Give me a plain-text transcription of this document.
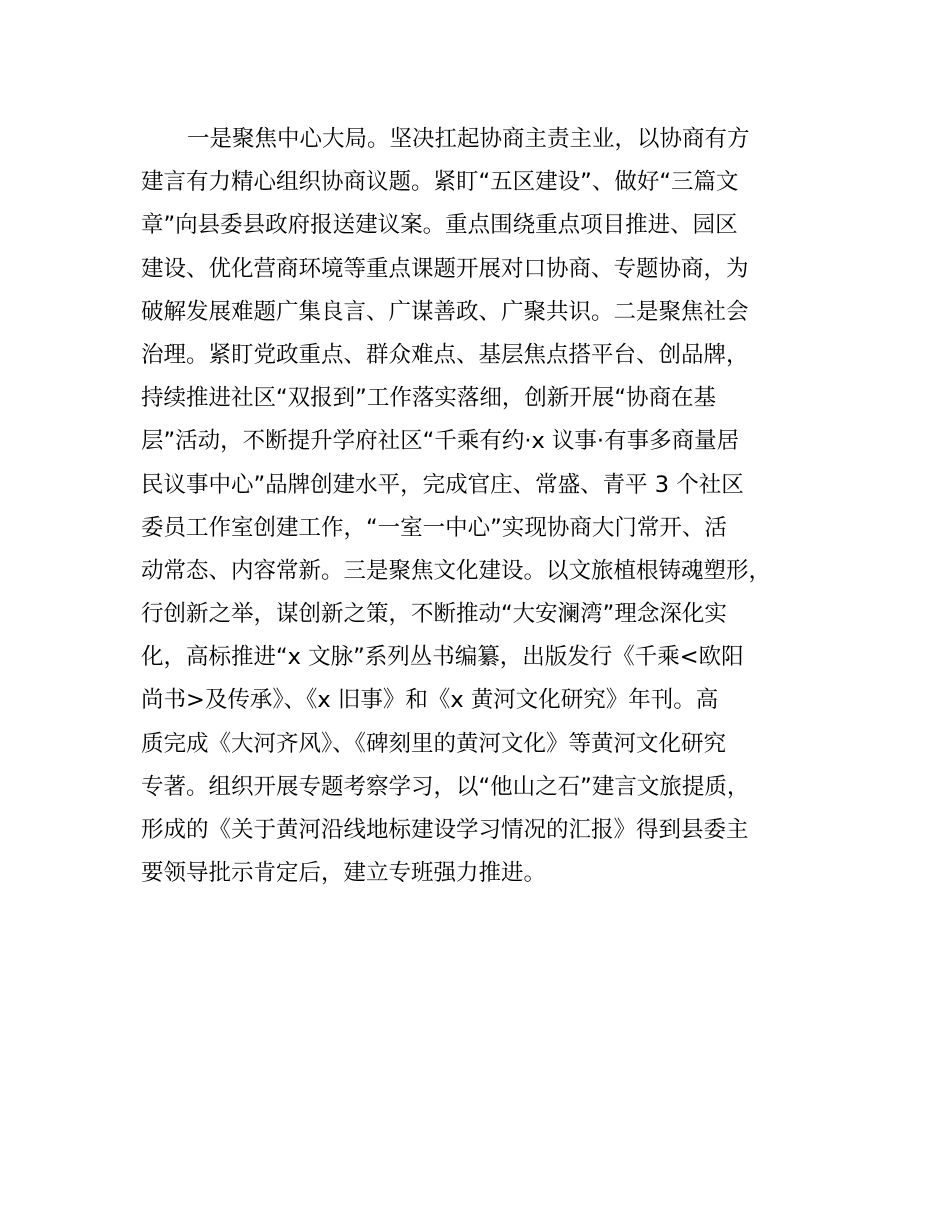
一是聚焦中心大局。坚决扛起协商主责主业，以协商有方
建言有力精心组织协商议题。紧盯“五区建设”、做好“三篇文
章”向县委县政府报送建议案。重点围绕重点项目推进、园区
建设、优化营商环境等重点课题开展对口协商、专题协商，为
破解发展难题广集良言、广谋善政、广聚共识。二是聚焦社会
治理。紧盯党政重点、群众难点、基层焦点搭平台、创品牌，
持续推进社区“双报到”工作落实落细，创新开展“协商在基
层”活动，不断提升学府社区“千乘有约·x 议事·有事多商量居
民议事中心”品牌创建水平，完成官庄、常盛、青平 3 个社区
委员工作室创建工作，“一室一中心”实现协商大门常开、活
动常态、内容常新。三是聚焦文化建设。以文旅植根铸魂塑形，
行创新之举，谋创新之策，不断推动“大安澜湾”理念深化实
化，高标推进“x 文脉”系列丛书编纂，出版发行《千乘<欧阳
尚书>及传承》、《x 旧事》和《x 黄河文化研究》年刊。高
质完成《大河齐风》、《碑刻里的黄河文化》等黄河文化研究
专著。组织开展专题考察学习，以“他山之石”建言文旅提质，
形成的《关于黄河沿线地标建设学习情况的汇报》得到县委主
要领导批示肯定后，建立专班强力推进。
